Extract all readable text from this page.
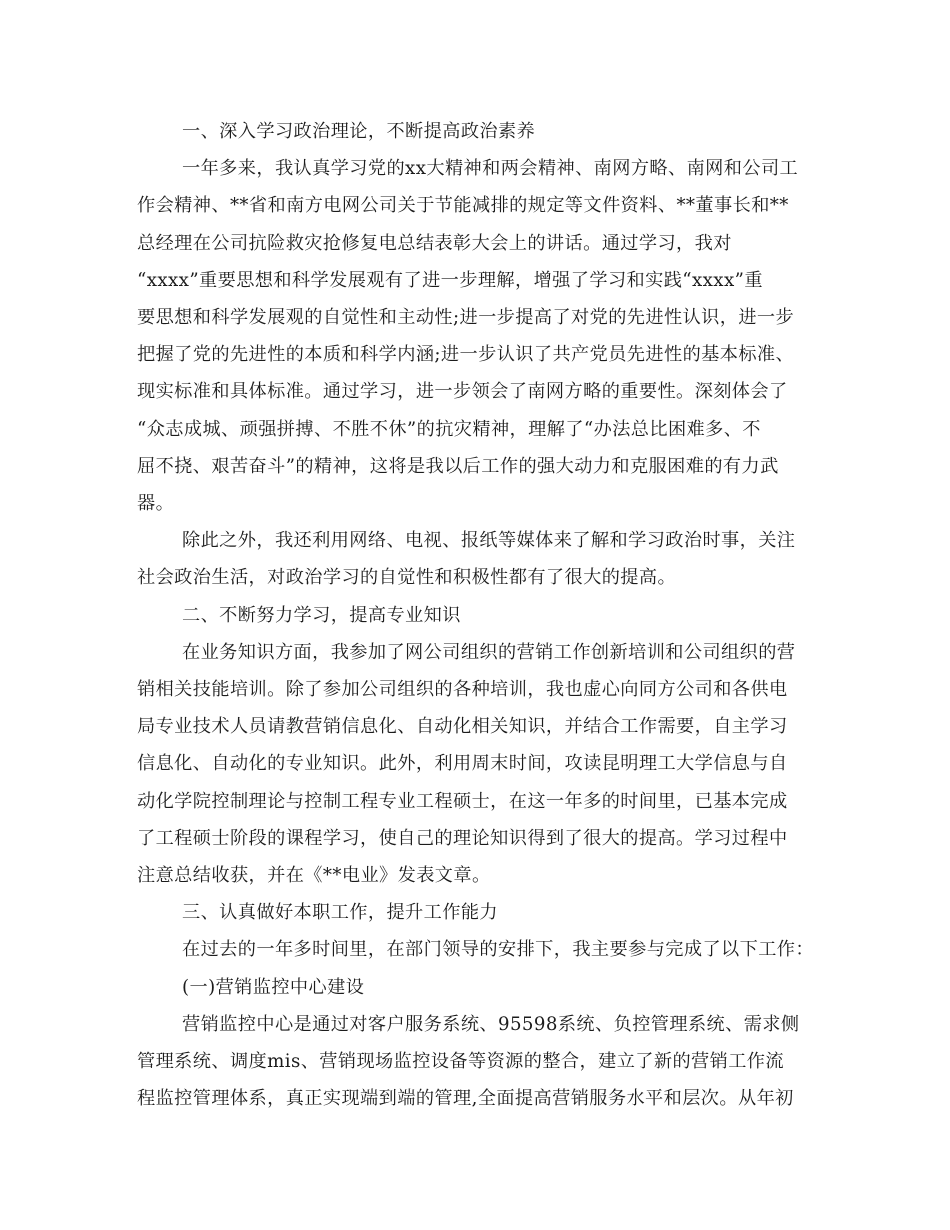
一、深入学习政治理论，不断提高政治素养
一年多来，我认真学习党的xx大精神和两会精神、南网方略、南网和公司工
作会精神、**省和南方电网公司关于节能减排的规定等文件资料、**董事长和**
总经理在公司抗险救灾抢修复电总结表彰大会上的讲话。通过学习，我对
“xxxx”重要思想和科学发展观有了进一步理解，增强了学习和实践“xxxx”重
要思想和科学发展观的自觉性和主动性;进一步提高了对党的先进性认识，进一步
把握了党的先进性的本质和科学内涵;进一步认识了共产党员先进性的基本标准、
现实标准和具体标准。通过学习，进一步领会了南网方略的重要性。深刻体会了
“众志成城、顽强拼搏、不胜不休”的抗灾精神，理解了“办法总比困难多、不
屈不挠、艰苦奋斗”的精神，这将是我以后工作的强大动力和克服困难的有力武
器。
除此之外，我还利用网络、电视、报纸等媒体来了解和学习政治时事，关注
社会政治生活，对政治学习的自觉性和积极性都有了很大的提高。
二、不断努力学习，提高专业知识
在业务知识方面，我参加了网公司组织的营销工作创新培训和公司组织的营
销相关技能培训。除了参加公司组织的各种培训，我也虚心向同方公司和各供电
局专业技术人员请教营销信息化、自动化相关知识，并结合工作需要，自主学习
信息化、自动化的专业知识。此外，利用周末时间，攻读昆明理工大学信息与自
动化学院控制理论与控制工程专业工程硕士，在这一年多的时间里，已基本完成
了工程硕士阶段的课程学习，使自己的理论知识得到了很大的提高。学习过程中
注意总结收获，并在《**电业》发表文章。
三、认真做好本职工作，提升工作能力
在过去的一年多时间里，在部门领导的安排下，我主要参与完成了以下工作：
(一)营销监控中心建设
营销监控中心是通过对客户服务系统、95598系统、负控管理系统、需求侧
管理系统、调度mis、营销现场监控设备等资源的整合，建立了新的营销工作流
程监控管理体系，真正实现端到端的管理,全面提高营销服务水平和层次。从年初
